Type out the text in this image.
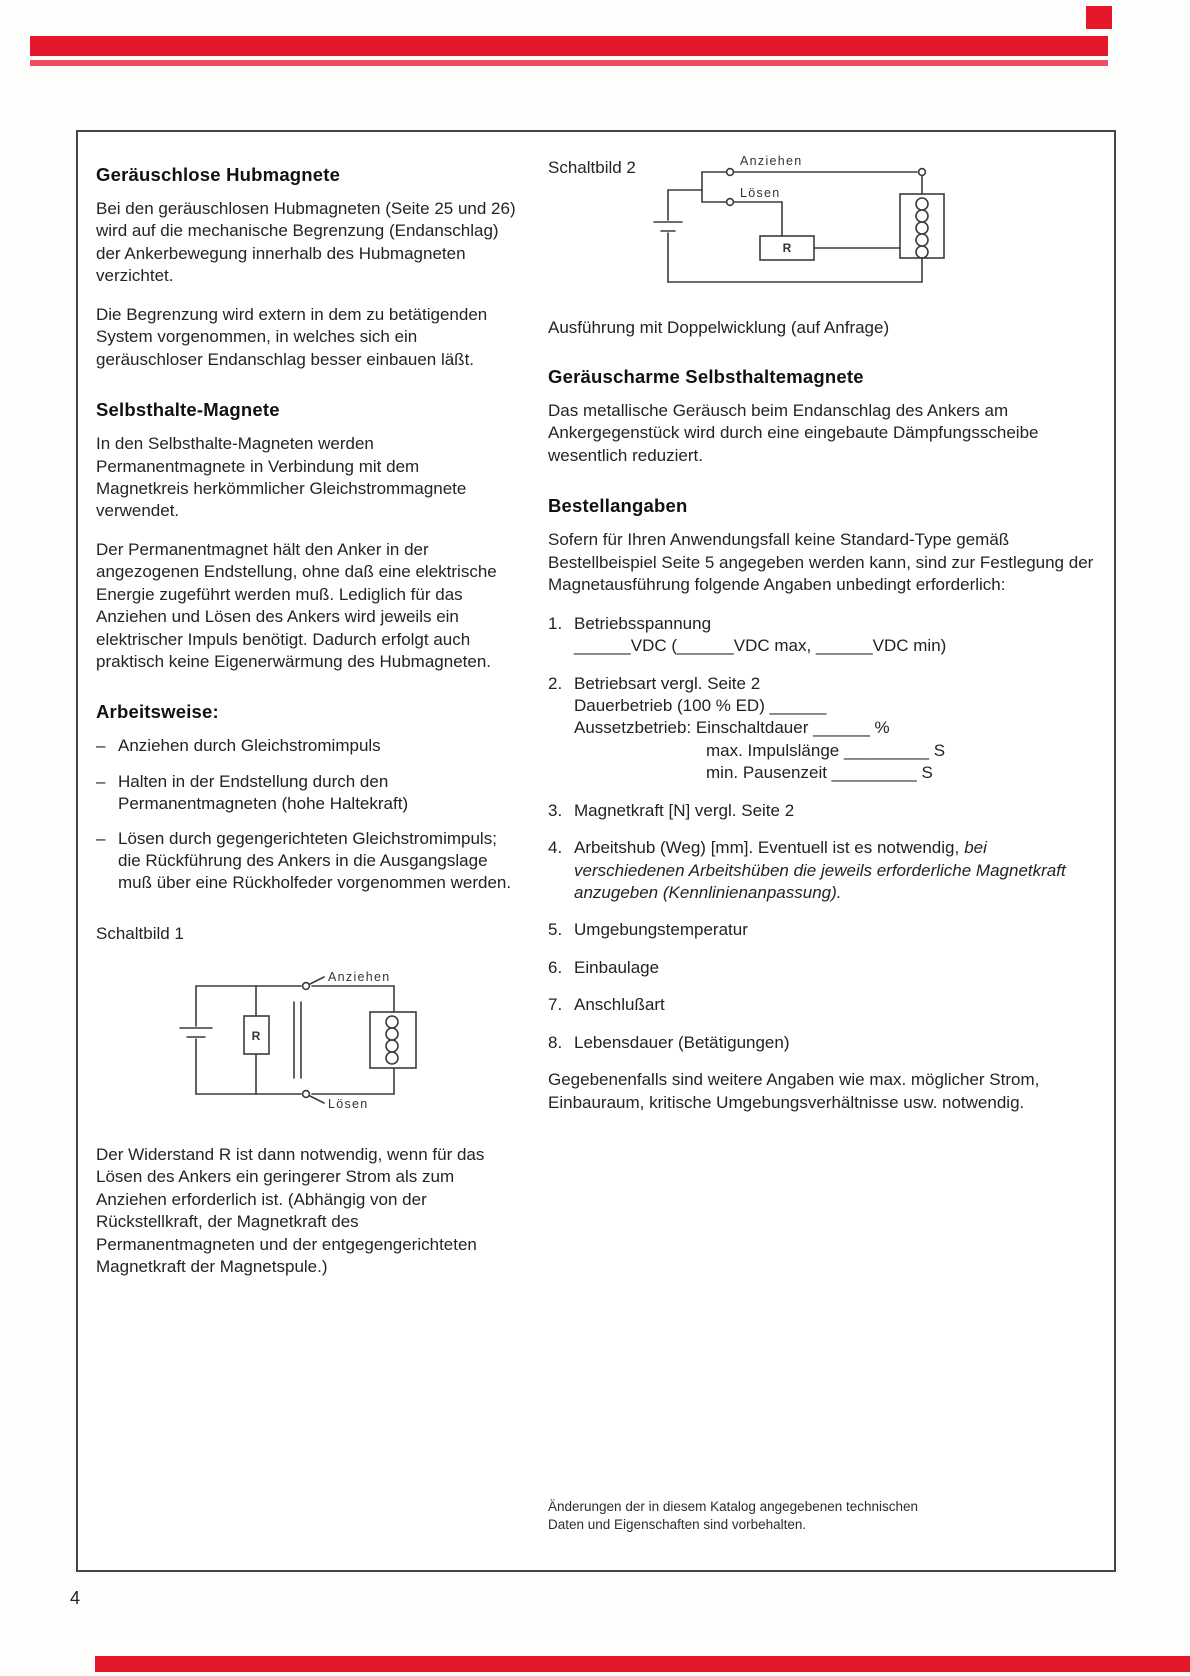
Geräuschlose Hubmagnete

Bei den geräuschlosen Hubmagneten (Seite 25 und 26) wird auf die mechanische Begrenzung (Endanschlag) der Ankerbewegung innerhalb des Hubmagneten verzichtet.

Die Begrenzung wird extern in dem zu betätigenden System vorgenommen, in welches sich ein geräuschloser Endanschlag besser einbauen läßt.

Selbsthalte-Magnete

In den Selbsthalte-Magneten werden Permanentmagnete in Verbindung mit dem Magnetkreis herkömmlicher Gleichstrommagnete verwendet.

Der Permanentmagnet hält den Anker in der angezogenen Endstellung, ohne daß eine elektrische Energie zugeführt werden muß. Lediglich für das Anziehen und Lösen des Ankers wird jeweils ein elektrischer Impuls benötigt. Dadurch erfolgt auch praktisch keine Eigenerwärmung des Hubmagneten.

Arbeitsweise:
– Anziehen durch Gleichstromimpuls
– Halten in der Endstellung durch den Permanentmagneten (hohe Haltekraft)
– Lösen durch gegengerichteten Gleichstromimpuls; die Rückführung des Ankers in die Ausgangslage muß über eine Rückholfeder vorgenommen werden.

Schaltbild 1

Anziehen
Lösen
R

Der Widerstand R ist dann notwendig, wenn für das Lösen des Ankers ein geringerer Strom als zum Anziehen erforderlich ist. (Abhängig von der Rückstellkraft, der Magnetkraft des Permanentmagneten und der entgegengerichteten Magnetkraft der Magnetspule.)

Schaltbild 2	Anziehen
Lösen
R

Ausführung mit Doppelwicklung (auf Anfrage)

Geräuscharme Selbsthaltemagnete

Das metallische Geräusch beim Endanschlag des Ankers am Ankergegenstück wird durch eine eingebaute Dämpfungsscheibe wesentlich reduziert.

Bestellangaben

Sofern für Ihren Anwendungsfall keine Standard-Type gemäß Bestellbeispiel Seite 5 angegeben werden kann, sind zur Festlegung der Magnetausführung folgende Angaben unbedingt erforderlich:

1. Betriebsspannung
______VDC (______VDC max, ______VDC min)
2. Betriebsart vergl. Seite 2
Dauerbetrieb (100 % ED) ______
Aussetzbetrieb: Einschaltdauer ______ %
max. Impulslänge _________ S
min. Pausenzeit _________ S
3. Magnetkraft [N] vergl. Seite 2
4. Arbeitshub (Weg) [mm]. Eventuell ist es notwendig, bei verschiedenen Arbeitshüben die jeweils erforderliche Magnetkraft anzugeben (Kennlinienanpassung).
5. Umgebungstemperatur
6. Einbaulage
7. Anschlußart
8. Lebensdauer (Betätigungen)

Gegebenenfalls sind weitere Angaben wie max. möglicher Strom, Einbauraum, kritische Umgebungsverhältnisse usw. notwendig.

Änderungen der in diesem Katalog angegebenen technischen Daten und Eigenschaften sind vorbehalten.
4
